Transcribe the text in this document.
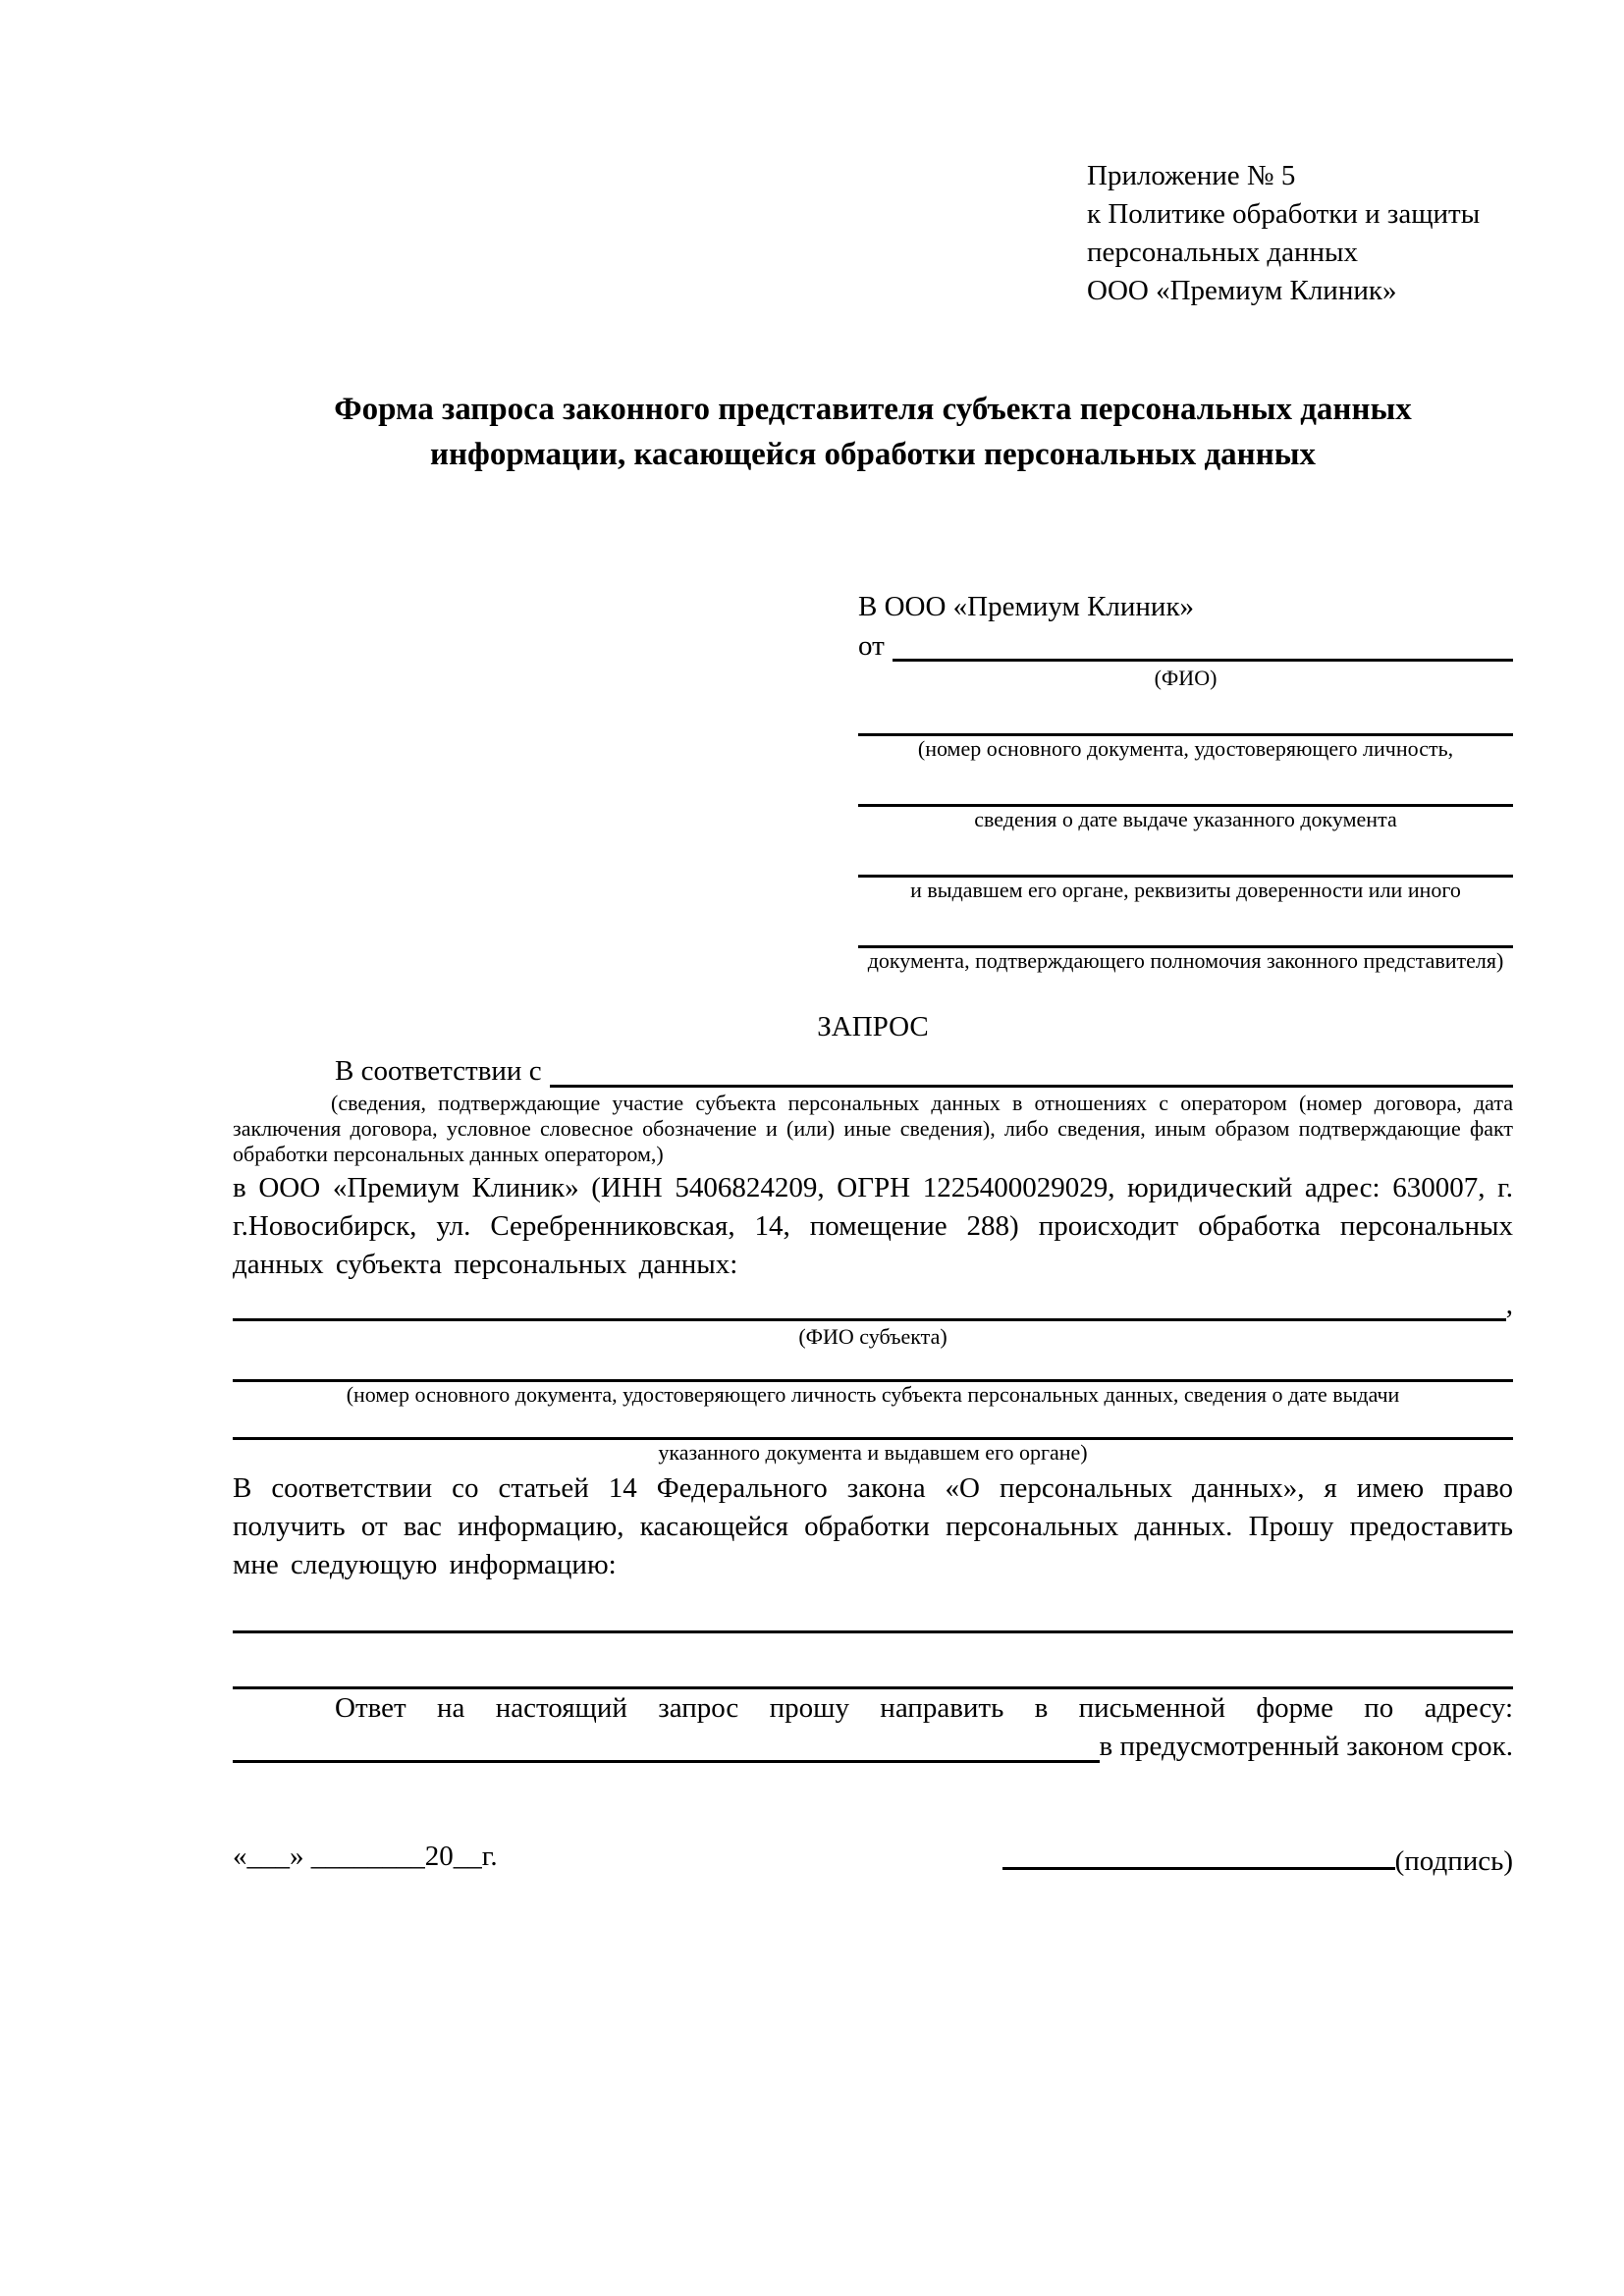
Приложение № 5
к Политике обработки и защиты
персональных данных
ООО «Премиум Клиник»
Форма запроса законного представителя субъекта персональных данных
информации, касающейся обработки персональных данных
В ООО «Премиум Клиник»
от
(ФИО)
(номер основного документа, удостоверяющего личность,
сведения о дате выдаче указанного документа
и выдавшем его органе, реквизиты доверенности или иного
документа, подтверждающего полномочия законного представителя)
ЗАПРОС
В соответствии с
(сведения, подтверждающие участие субъекта персональных данных в отношениях с оператором (номер договора, дата заключения договора, условное словесное обозначение и (или) иные сведения), либо сведения, иным образом подтверждающие факт обработки персональных данных оператором,)

в ООО «Премиум Клиник» (ИНН 5406824209, ОГРН 1225400029029, юридический адрес: 630007, г. г.Новосибирск, ул. Серебренниковская, 14, помещение 288) происходит обработка персональных данных субъекта персональных данных:

,
(ФИО субъекта)
(номер основного документа, удостоверяющего личность субъекта персональных данных, сведения о дате выдачи
указанного документа и выдавшем его органе)

В соответствии со статьей 14 Федерального закона «О персональных данных», я имею право получить от вас информацию, касающейся обработки персональных данных. Прошу предоставить мне следующую информацию:

Ответ на настоящий запрос прошу направить в письменной форме по адресу:

в предусмотренный законом срок.
«___» ________20__г.	(подпись)
